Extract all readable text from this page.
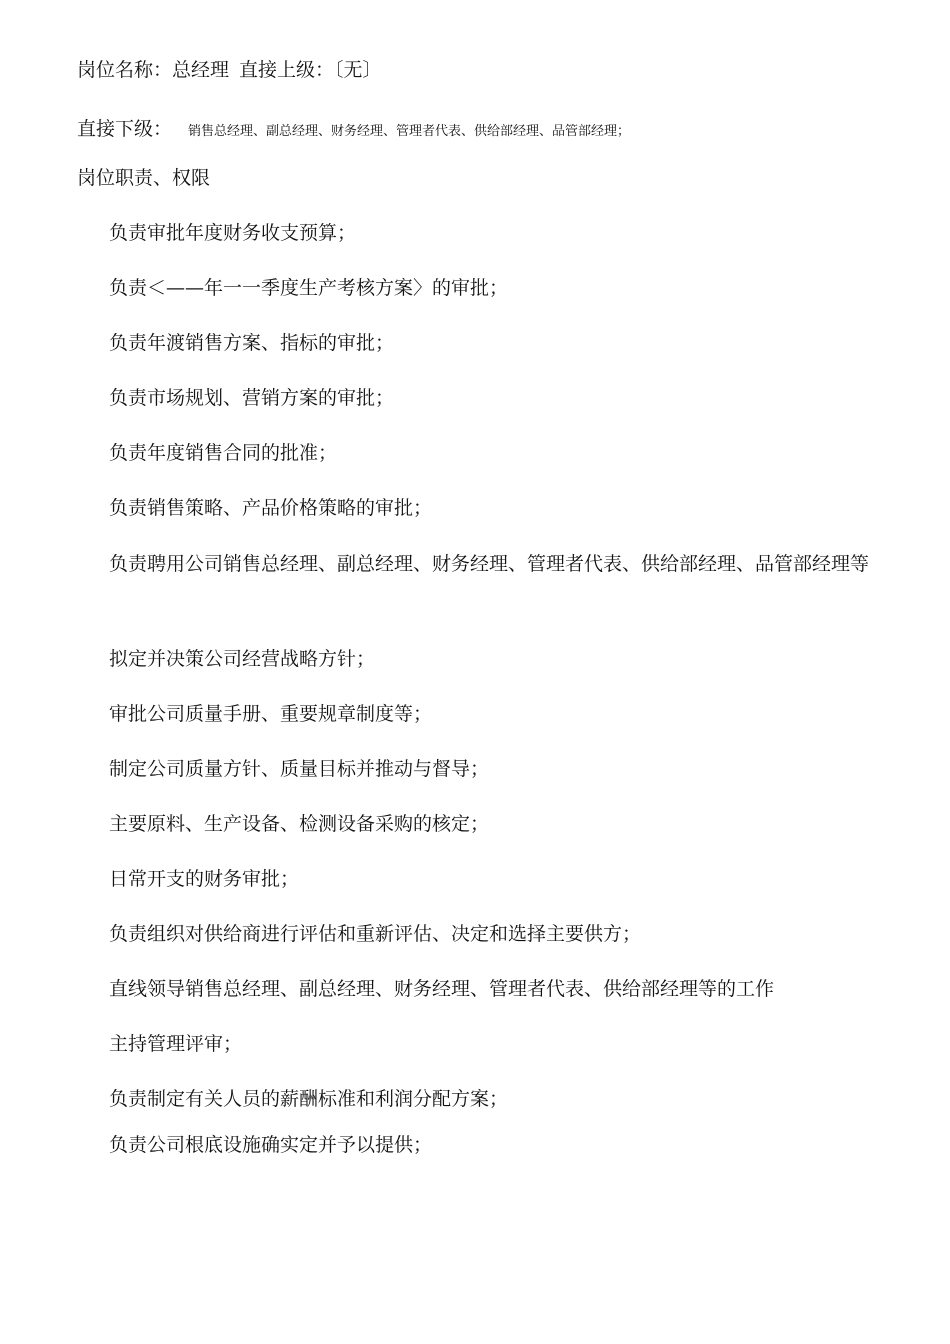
岗位名称：总经理 直接上级：〔无〕
直接下级： 销售总经理、副总经理、财务经理、管理者代表、供给部经理、品管部经理；
岗位职责、权限
负责审批年度财务收支预算；
负责＜——年一一季度生产考核方案〉的审批；
负责年渡销售方案、指标的审批；
负责市场规划、营销方案的审批；
负责年度销售合同的批准；
负责销售策略、产品价格策略的审批；
负责聘用公司销售总经理、副总经理、财务经理、管理者代表、供给部经理、品管部经理等
拟定并决策公司经营战略方针；
审批公司质量手册、重要规章制度等；
制定公司质量方针、质量目标并推动与督导；
主要原料、生产设备、检测设备采购的核定；
日常开支的财务审批；
负责组织对供给商进行评估和重新评估、决定和选择主要供方；
直线领导销售总经理、副总经理、财务经理、管理者代表、供给部经理等的工作
主持管理评审；
负责制定有关人员的薪酬标准和利润分配方案；
负责公司根底设施确实定并予以提供；
